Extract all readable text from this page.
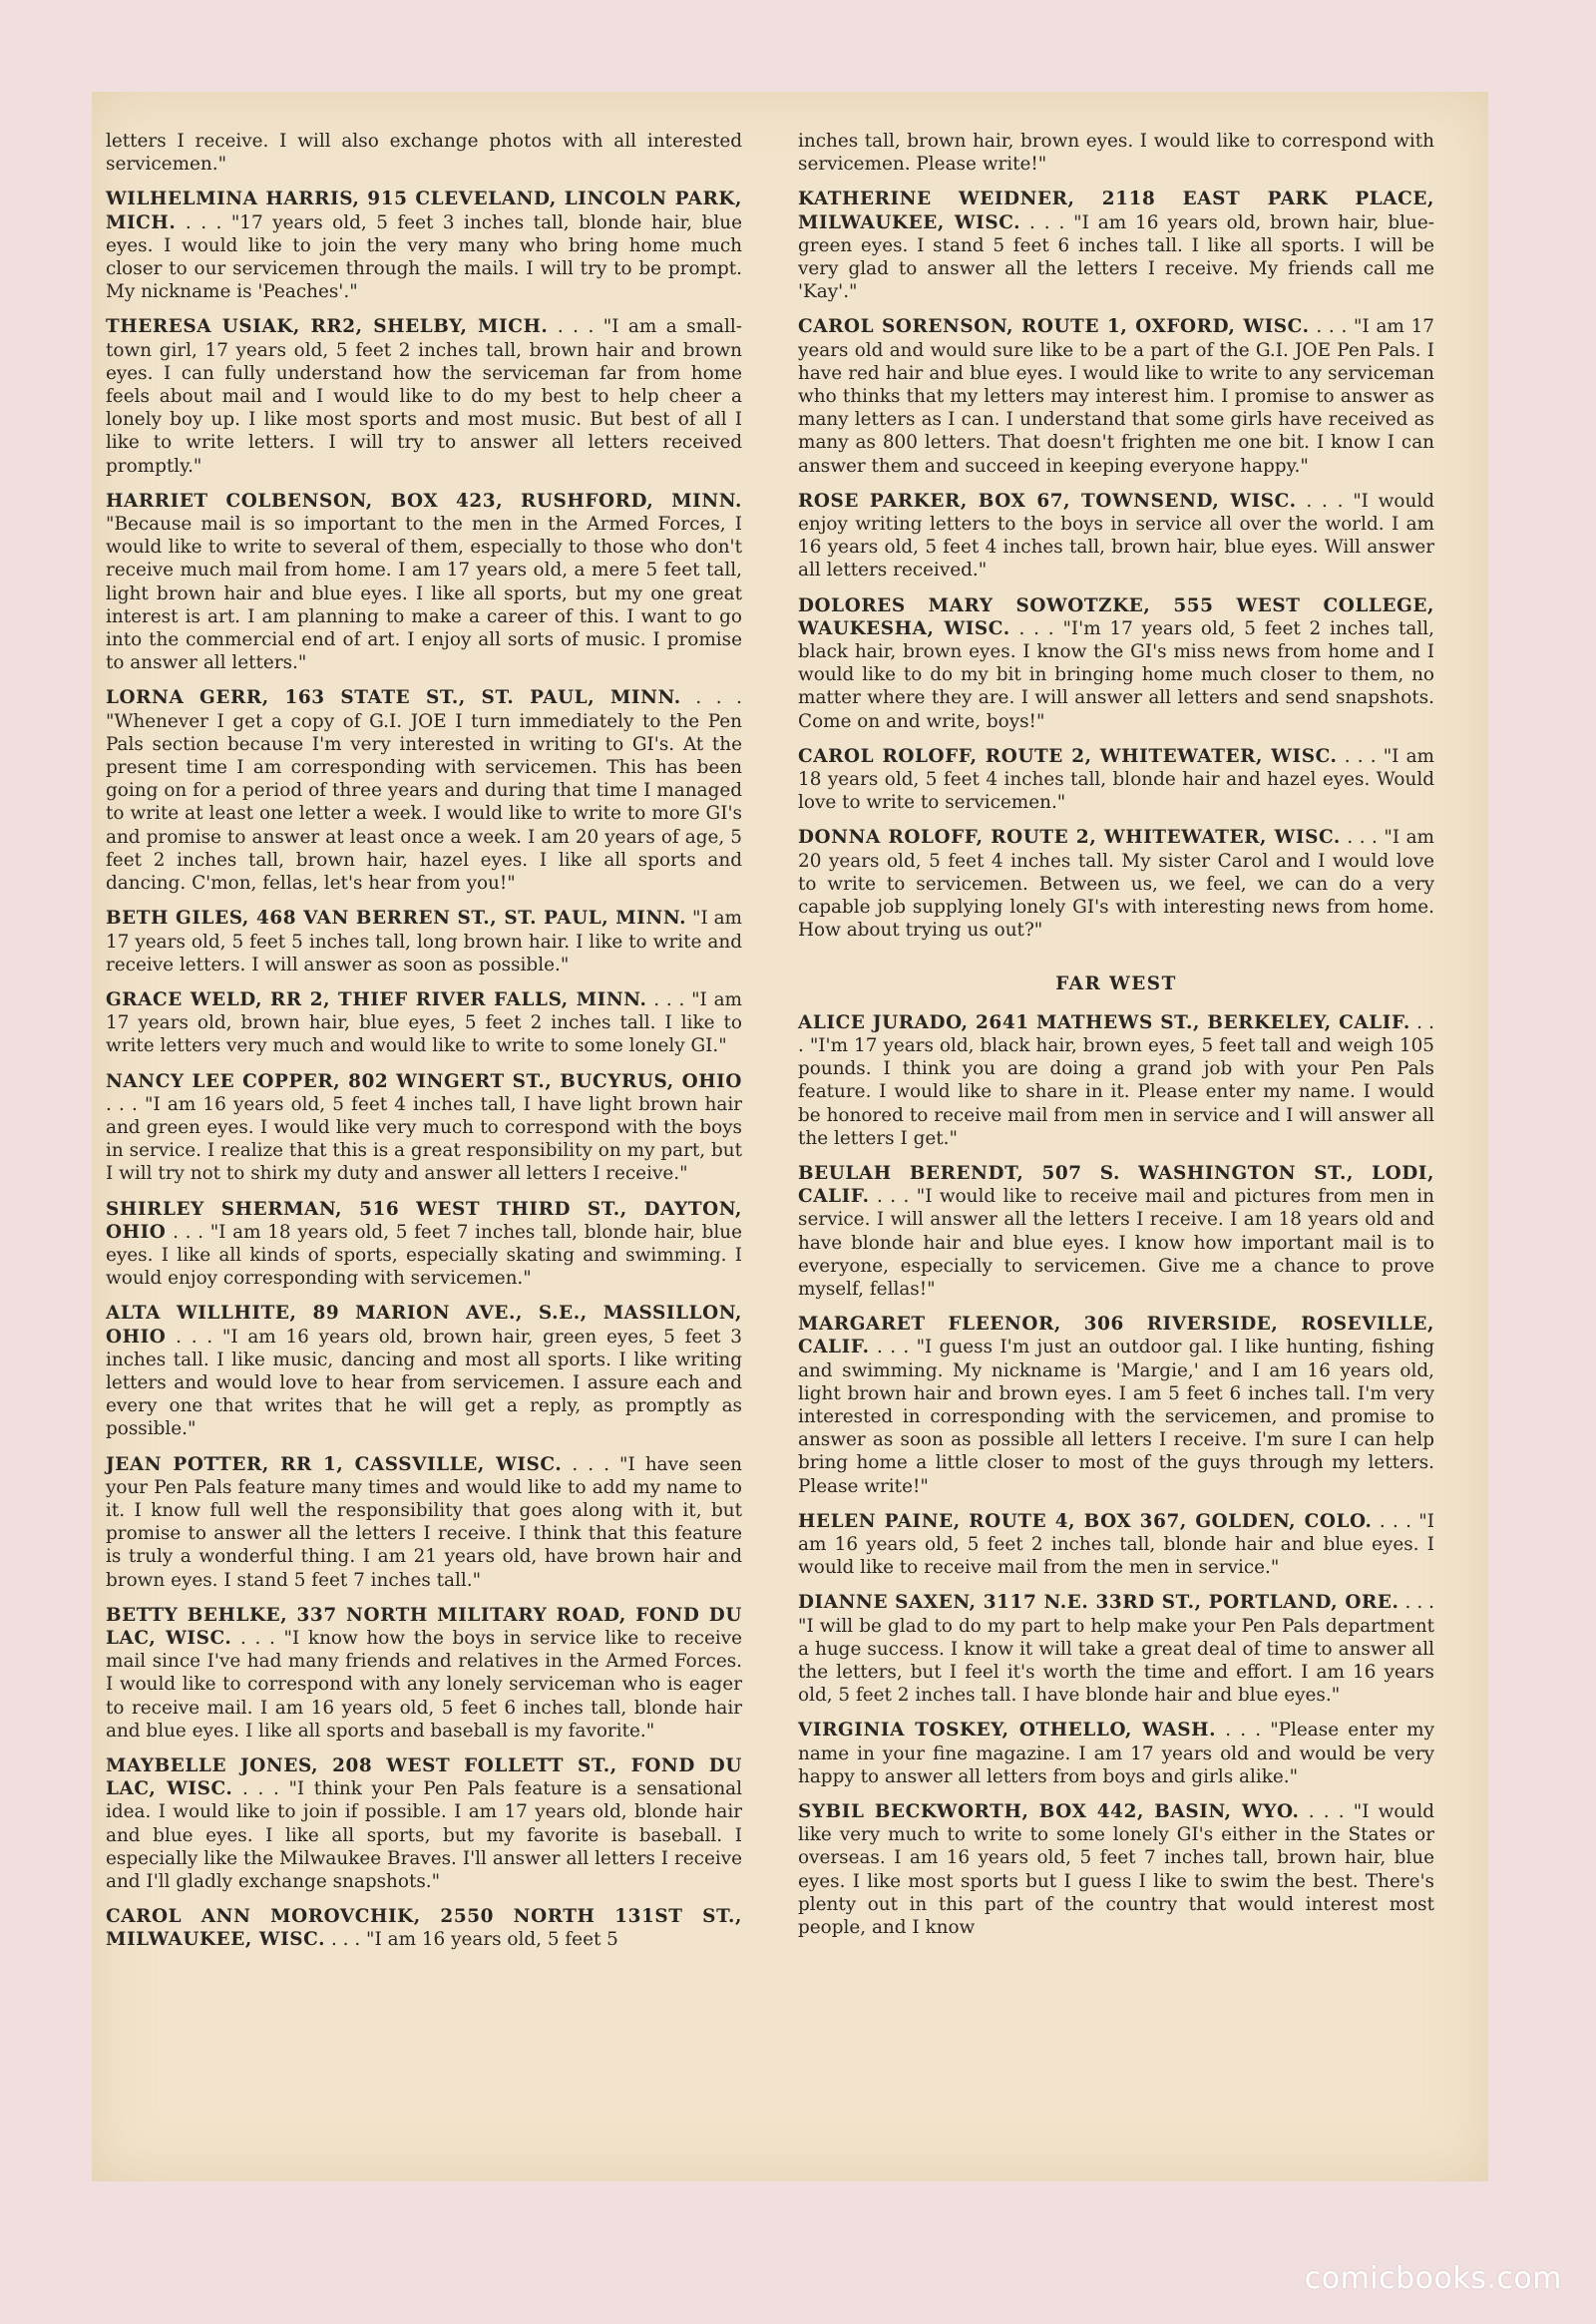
letters I receive. I will also exchange photos with all interested servicemen."

WILHELMINA HARRIS, 915 CLEVELAND, LINCOLN PARK, MICH. . . . "17 years old, 5 feet 3 inches tall, blonde hair, blue eyes. I would like to join the very many who bring home much closer to our servicemen through the mails. I will try to be prompt. My nickname is 'Peaches'."

THERESA USIAK, RR2, SHELBY, MICH. . . . "I am a small-town girl, 17 years old, 5 feet 2 inches tall, brown hair and brown eyes. I can fully understand how the serviceman far from home feels about mail and I would like to do my best to help cheer a lonely boy up. I like most sports and most music. But best of all I like to write letters. I will try to answer all letters received promptly."

HARRIET COLBENSON, BOX 423, RUSHFORD, MINN. "Because mail is so important to the men in the Armed Forces, I would like to write to several of them, especially to those who don't receive much mail from home. I am 17 years old, a mere 5 feet tall, light brown hair and blue eyes. I like all sports, but my one great interest is art. I am planning to make a career of this. I want to go into the commercial end of art. I enjoy all sorts of music. I promise to answer all letters."

LORNA GERR, 163 STATE ST., ST. PAUL, MINN. . . . "Whenever I get a copy of G.I. JOE I turn immediately to the Pen Pals section because I'm very interested in writing to GI's. At the present time I am corresponding with servicemen. This has been going on for a period of three years and during that time I managed to write at least one letter a week. I would like to write to more GI's and promise to answer at least once a week. I am 20 years of age, 5 feet 2 inches tall, brown hair, hazel eyes. I like all sports and dancing. C'mon, fellas, let's hear from you!"

BETH GILES, 468 VAN BERREN ST., ST. PAUL, MINN. "I am 17 years old, 5 feet 5 inches tall, long brown hair. I like to write and receive letters. I will answer as soon as possible."

GRACE WELD, RR 2, THIEF RIVER FALLS, MINN. . . . "I am 17 years old, brown hair, blue eyes, 5 feet 2 inches tall. I like to write letters very much and would like to write to some lonely GI."

NANCY LEE COPPER, 802 WINGERT ST., BUCYRUS, OHIO . . . "I am 16 years old, 5 feet 4 inches tall, I have light brown hair and green eyes. I would like very much to correspond with the boys in service. I realize that this is a great responsibility on my part, but I will try not to shirk my duty and answer all letters I receive."

SHIRLEY SHERMAN, 516 WEST THIRD ST., DAYTON, OHIO . . . "I am 18 years old, 5 feet 7 inches tall, blonde hair, blue eyes. I like all kinds of sports, especially skating and swimming. I would enjoy corresponding with servicemen."

ALTA WILLHITE, 89 MARION AVE., S.E., MASSILLON, OHIO . . . "I am 16 years old, brown hair, green eyes, 5 feet 3 inches tall. I like music, dancing and most all sports. I like writing letters and would love to hear from servicemen. I assure each and every one that writes that he will get a reply, as promptly as possible."

JEAN POTTER, RR 1, CASSVILLE, WISC. . . . "I have seen your Pen Pals feature many times and would like to add my name to it. I know full well the responsibility that goes along with it, but promise to answer all the letters I receive. I think that this feature is truly a wonderful thing. I am 21 years old, have brown hair and brown eyes. I stand 5 feet 7 inches tall."

BETTY BEHLKE, 337 NORTH MILITARY ROAD, FOND DU LAC, WISC. . . . "I know how the boys in service like to receive mail since I've had many friends and relatives in the Armed Forces. I would like to correspond with any lonely serviceman who is eager to receive mail. I am 16 years old, 5 feet 6 inches tall, blonde hair and blue eyes. I like all sports and baseball is my favorite."

MAYBELLE JONES, 208 WEST FOLLETT ST., FOND DU LAC, WISC. . . . "I think your Pen Pals feature is a sensational idea. I would like to join if possible. I am 17 years old, blonde hair and blue eyes. I like all sports, but my favorite is baseball. I especially like the Milwaukee Braves. I'll answer all letters I receive and I'll gladly exchange snapshots."

CAROL ANN MOROVCHIK, 2550 NORTH 131ST ST., MILWAUKEE, WISC. . . . "I am 16 years old, 5 feet 5

inches tall, brown hair, brown eyes. I would like to correspond with servicemen. Please write!"

KATHERINE WEIDNER, 2118 EAST PARK PLACE, MILWAUKEE, WISC. . . . "I am 16 years old, brown hair, blue-green eyes. I stand 5 feet 6 inches tall. I like all sports. I will be very glad to answer all the letters I receive. My friends call me 'Kay'."

CAROL SORENSON, ROUTE 1, OXFORD, WISC. . . . "I am 17 years old and would sure like to be a part of the G.I. JOE Pen Pals. I have red hair and blue eyes. I would like to write to any serviceman who thinks that my letters may interest him. I promise to answer as many letters as I can. I understand that some girls have received as many as 800 letters. That doesn't frighten me one bit. I know I can answer them and succeed in keeping everyone happy."

ROSE PARKER, BOX 67, TOWNSEND, WISC. . . . "I would enjoy writing letters to the boys in service all over the world. I am 16 years old, 5 feet 4 inches tall, brown hair, blue eyes. Will answer all letters received."

DOLORES MARY SOWOTZKE, 555 WEST COLLEGE, WAUKESHA, WISC. . . . "I'm 17 years old, 5 feet 2 inches tall, black hair, brown eyes. I know the GI's miss news from home and I would like to do my bit in bringing home much closer to them, no matter where they are. I will answer all letters and send snapshots. Come on and write, boys!"

CAROL ROLOFF, ROUTE 2, WHITEWATER, WISC. . . . "I am 18 years old, 5 feet 4 inches tall, blonde hair and hazel eyes. Would love to write to servicemen."

DONNA ROLOFF, ROUTE 2, WHITEWATER, WISC. . . . "I am 20 years old, 5 feet 4 inches tall. My sister Carol and I would love to write to servicemen. Between us, we feel, we can do a very capable job supplying lonely GI's with interesting news from home. How about trying us out?"

FAR WEST

ALICE JURADO, 2641 MATHEWS ST., BERKELEY, CALIF. . . . "I'm 17 years old, black hair, brown eyes, 5 feet tall and weigh 105 pounds. I think you are doing a grand job with your Pen Pals feature. I would like to share in it. Please enter my name. I would be honored to receive mail from men in service and I will answer all the letters I get."

BEULAH BERENDT, 507 S. WASHINGTON ST., LODI, CALIF. . . . "I would like to receive mail and pictures from men in service. I will answer all the letters I receive. I am 18 years old and have blonde hair and blue eyes. I know how important mail is to everyone, especially to servicemen. Give me a chance to prove myself, fellas!"

MARGARET FLEENOR, 306 RIVERSIDE, ROSEVILLE, CALIF. . . . "I guess I'm just an outdoor gal. I like hunting, fishing and swimming. My nickname is 'Margie,' and I am 16 years old, light brown hair and brown eyes. I am 5 feet 6 inches tall. I'm very interested in corresponding with the servicemen, and promise to answer as soon as possible all letters I receive. I'm sure I can help bring home a little closer to most of the guys through my letters. Please write!"

HELEN PAINE, ROUTE 4, BOX 367, GOLDEN, COLO. . . . "I am 16 years old, 5 feet 2 inches tall, blonde hair and blue eyes. I would like to receive mail from the men in service."

DIANNE SAXEN, 3117 N.E. 33RD ST., PORTLAND, ORE. . . . "I will be glad to do my part to help make your Pen Pals department a huge success. I know it will take a great deal of time to answer all the letters, but I feel it's worth the time and effort. I am 16 years old, 5 feet 2 inches tall. I have blonde hair and blue eyes."

VIRGINIA TOSKEY, OTHELLO, WASH. . . . "Please enter my name in your fine magazine. I am 17 years old and would be very happy to answer all letters from boys and girls alike."

SYBIL BECKWORTH, BOX 442, BASIN, WYO. . . . "I would like very much to write to some lonely GI's either in the States or overseas. I am 16 years old, 5 feet 7 inches tall, brown hair, blue eyes. I like most sports but I guess I like to swim the best. There's plenty out in this part of the country that would interest most people, and I know

comicbooks.com
